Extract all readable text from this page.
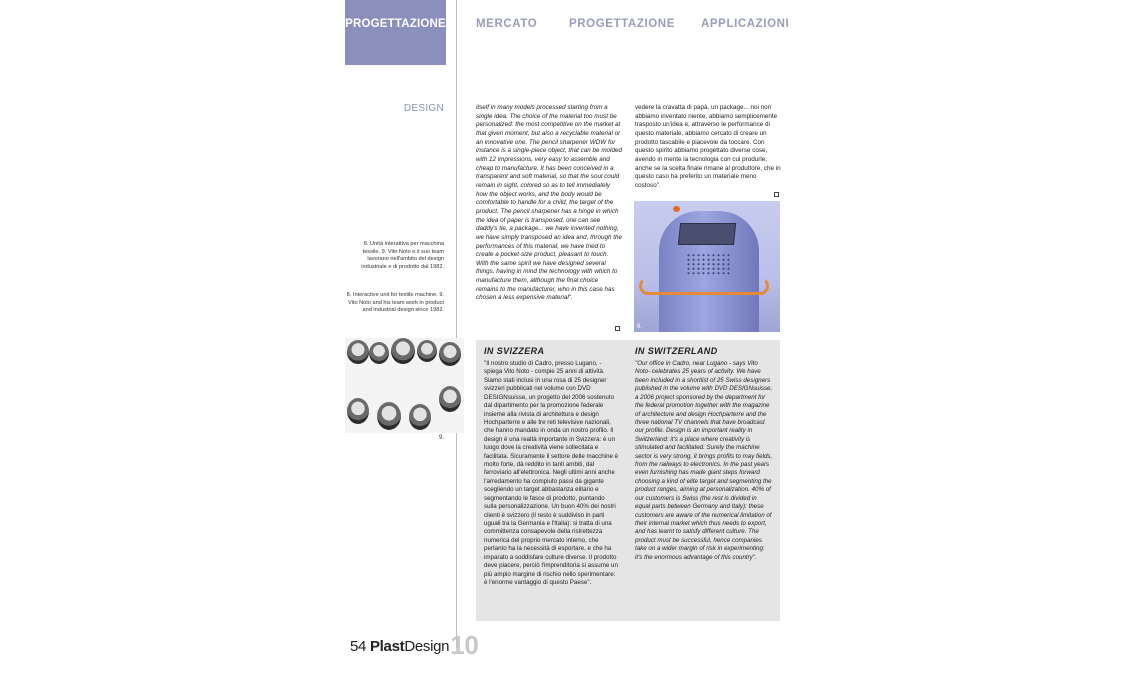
PROGETTAZIONE	MERCATO	PROGETTAZIONE APPLICAZIONI
DESIGN
8. Unità interattiva per macchina tessile. 9. Vito Noto e il suo team lavorano nell'ambito del design industriale e di prodotto dal 1982.
8. Interactive unit for textile machine. 9. Vito Noto and his team work in product and industrial design since 1982.
9.
itself in many models processed starting from a single idea. The choice of the material too must be personalized: the most competitive on the market at that given moment, but also a recyclable material or an innovative one. The pencil sharpener WDW for instance is a single-piece object, that can be molded with 12 impressions, very easy to assemble and cheap to manufacture. It has been conceived in a transparent and soft material, so that the soul could remain in sight, colored so as to tell immediately how the object works, and the body would be comfortable to handle for a child, the target of the product. The pencil sharpener has a hinge in which the idea of paper is transposed, one can see daddy's tie, a package... we have invented nothing, we have simply transposed an idea and, through the performances of this material, we have tried to create a pocket-size product, pleasant to touch. With the same spirit we have designed several things, having in mind the technology with which to manufacture them, although the final choice remains to the manufacturer, who in this case has chosen a less expensive material".
vedere la cravatta di papà, un package... noi non abbiamo inventato niente, abbiamo semplicemente trasposto un'idea e, attraverso le performance di questo materiale, abbiamo cercato di creare un prodotto tascabile e piacevole da toccare. Con questo spirito abbiamo progettato diverse cose, avendo in mente la tecnologia con cui produrle, anche se la scelta finale rimane al produttore, che in questo caso ha preferito un materiale meno costoso".
8.
IN SVIZZERA	IN SWITZERLAND
"Il nostro studio di Cadro, presso Lugano, - spiega Vito Noto - compie 25 anni di attività. Siamo stati inclusi in una rosa di 25 designer svizzeri pubblicati nel volume con DVD DESIGNsuisse, un progetto del 2006 sostenuto dal dipartimento per la promozione federale insieme alla rivista di architettura e design Hochparterre e alle tre reti televisive nazionali, che hanno mandato in onda un nostro profilo. Il design è una realtà importante in Svizzera: è un luogo dove la creatività viene sollecitata e facilitata. Sicuramente il settore delle macchine è molto forte, dà reddito in tanti ambiti, dal ferroviario all'elettronica. Negli ultimi anni anche l'arredamento ha compiuto passi da gigante scegliendo un target abbastanza elitario e segmentando le fasce di prodotto, puntando sulla personalizzazione. Un buon 40% dei nostri clienti è svizzero (il resto è suddiviso in parti uguali tra la Germania e l'Italia): si tratta di una committenza consapevole della ristrettezza numerica del proprio mercato interno, che pertanto ha la necessità di esportare, e che ha imparato a soddisfare culture diverse. Il prodotto deve piacere, perciò l'imprenditoria si assume un più ampio margine di rischio nello sperimentare: è l'enorme vantaggio di questo Paese".
"Our office in Cadro, near Lugano - says Vito Noto- celebrates 25 years of activity. We have been included in a shortlist of 25 Swiss designers published in the volume with DVD DESIGNsuisse, a 2006 project sponsored by the department for the federal promotion together with the magazine of architecture and design Hochparterre and the three national TV channels that have broadcast our profile. Design is an important reality in Switzerland: it's a place where creativity is stimulated and facilitated. Surely the machine sector is very strong, it brings profits to may fields, from the railways to electronics. In the past years even furnishing has made giant steps forward choosing a kind of elite target and segmenting the product ranges, aiming at personalization. 40% of our customers is Swiss (the rest is divided in equal parts between Germany and Italy): these customers are aware of the numerical limitation of their internal market which thus needs to export, and has learnt to satisfy different culture. The product must be successful, hence companies take on a wider margin of risk in experimenting: it's the enormous advantage of this country".
54 PlastDesign10
